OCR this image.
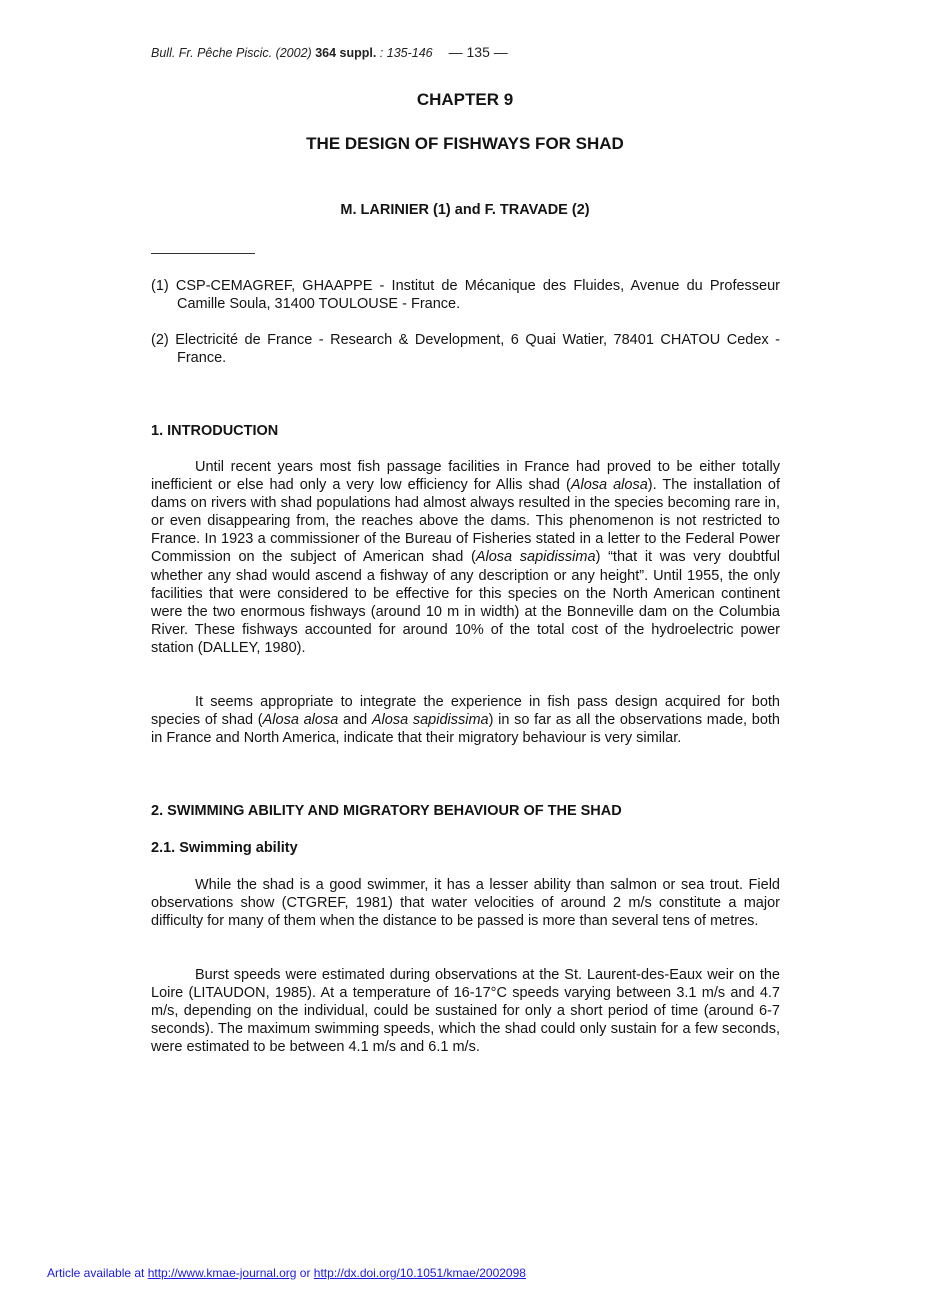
Bull. Fr. Pêche Piscic. (2002) 364 suppl. : 135-146 — 135 —
CHAPTER 9
THE DESIGN OF FISHWAYS FOR SHAD
M. LARINIER (1) and F. TRAVADE (2)
(1) CSP-CEMAGREF, GHAAPPE - Institut de Mécanique des Fluides, Avenue du Professeur Camille Soula, 31400 TOULOUSE - France.
(2) Electricité de France - Research & Development, 6 Quai Watier, 78401 CHATOU Cedex - France.
1. INTRODUCTION

Until recent years most fish passage facilities in France had proved to be either totally inefficient or else had only a very low efficiency for Allis shad (Alosa alosa). The installation of dams on rivers with shad populations had almost always resulted in the species becoming rare in, or even disappearing from, the reaches above the dams. This phenomenon is not restricted to France. In 1923 a commissioner of the Bureau of Fisheries stated in a letter to the Federal Power Commission on the subject of American shad (Alosa sapidissima) “that it was very doubtful whether any shad would ascend a fishway of any description or any height”. Until 1955, the only facilities that were considered to be effective for this species on the North American continent were the two enormous fishways (around 10 m in width) at the Bonneville dam on the Columbia River. These fishways accounted for around 10% of the total cost of the hydroelectric power station (DALLEY, 1980).

It seems appropriate to integrate the experience in fish pass design acquired for both species of shad (Alosa alosa and Alosa sapidissima) in so far as all the observations made, both in France and North America, indicate that their migratory behaviour is very similar.

2. SWIMMING ABILITY AND MIGRATORY BEHAVIOUR OF THE SHAD
2.1. Swimming ability

While the shad is a good swimmer, it has a lesser ability than salmon or sea trout. Field observations show (CTGREF, 1981) that water velocities of around 2 m/s constitute a major difficulty for many of them when the distance to be passed is more than several tens of metres.

Burst speeds were estimated during observations at the St. Laurent-des-Eaux weir on the Loire (LITAUDON, 1985). At a temperature of 16-17°C speeds varying between 3.1 m/s and 4.7 m/s, depending on the individual, could be sustained for only a short period of time (around 6-7 seconds). The maximum swimming speeds, which the shad could only sustain for a few seconds, were estimated to be between 4.1 m/s and 6.1 m/s.

Article available at http://www.kmae-journal.org or http://dx.doi.org/10.1051/kmae/2002098
